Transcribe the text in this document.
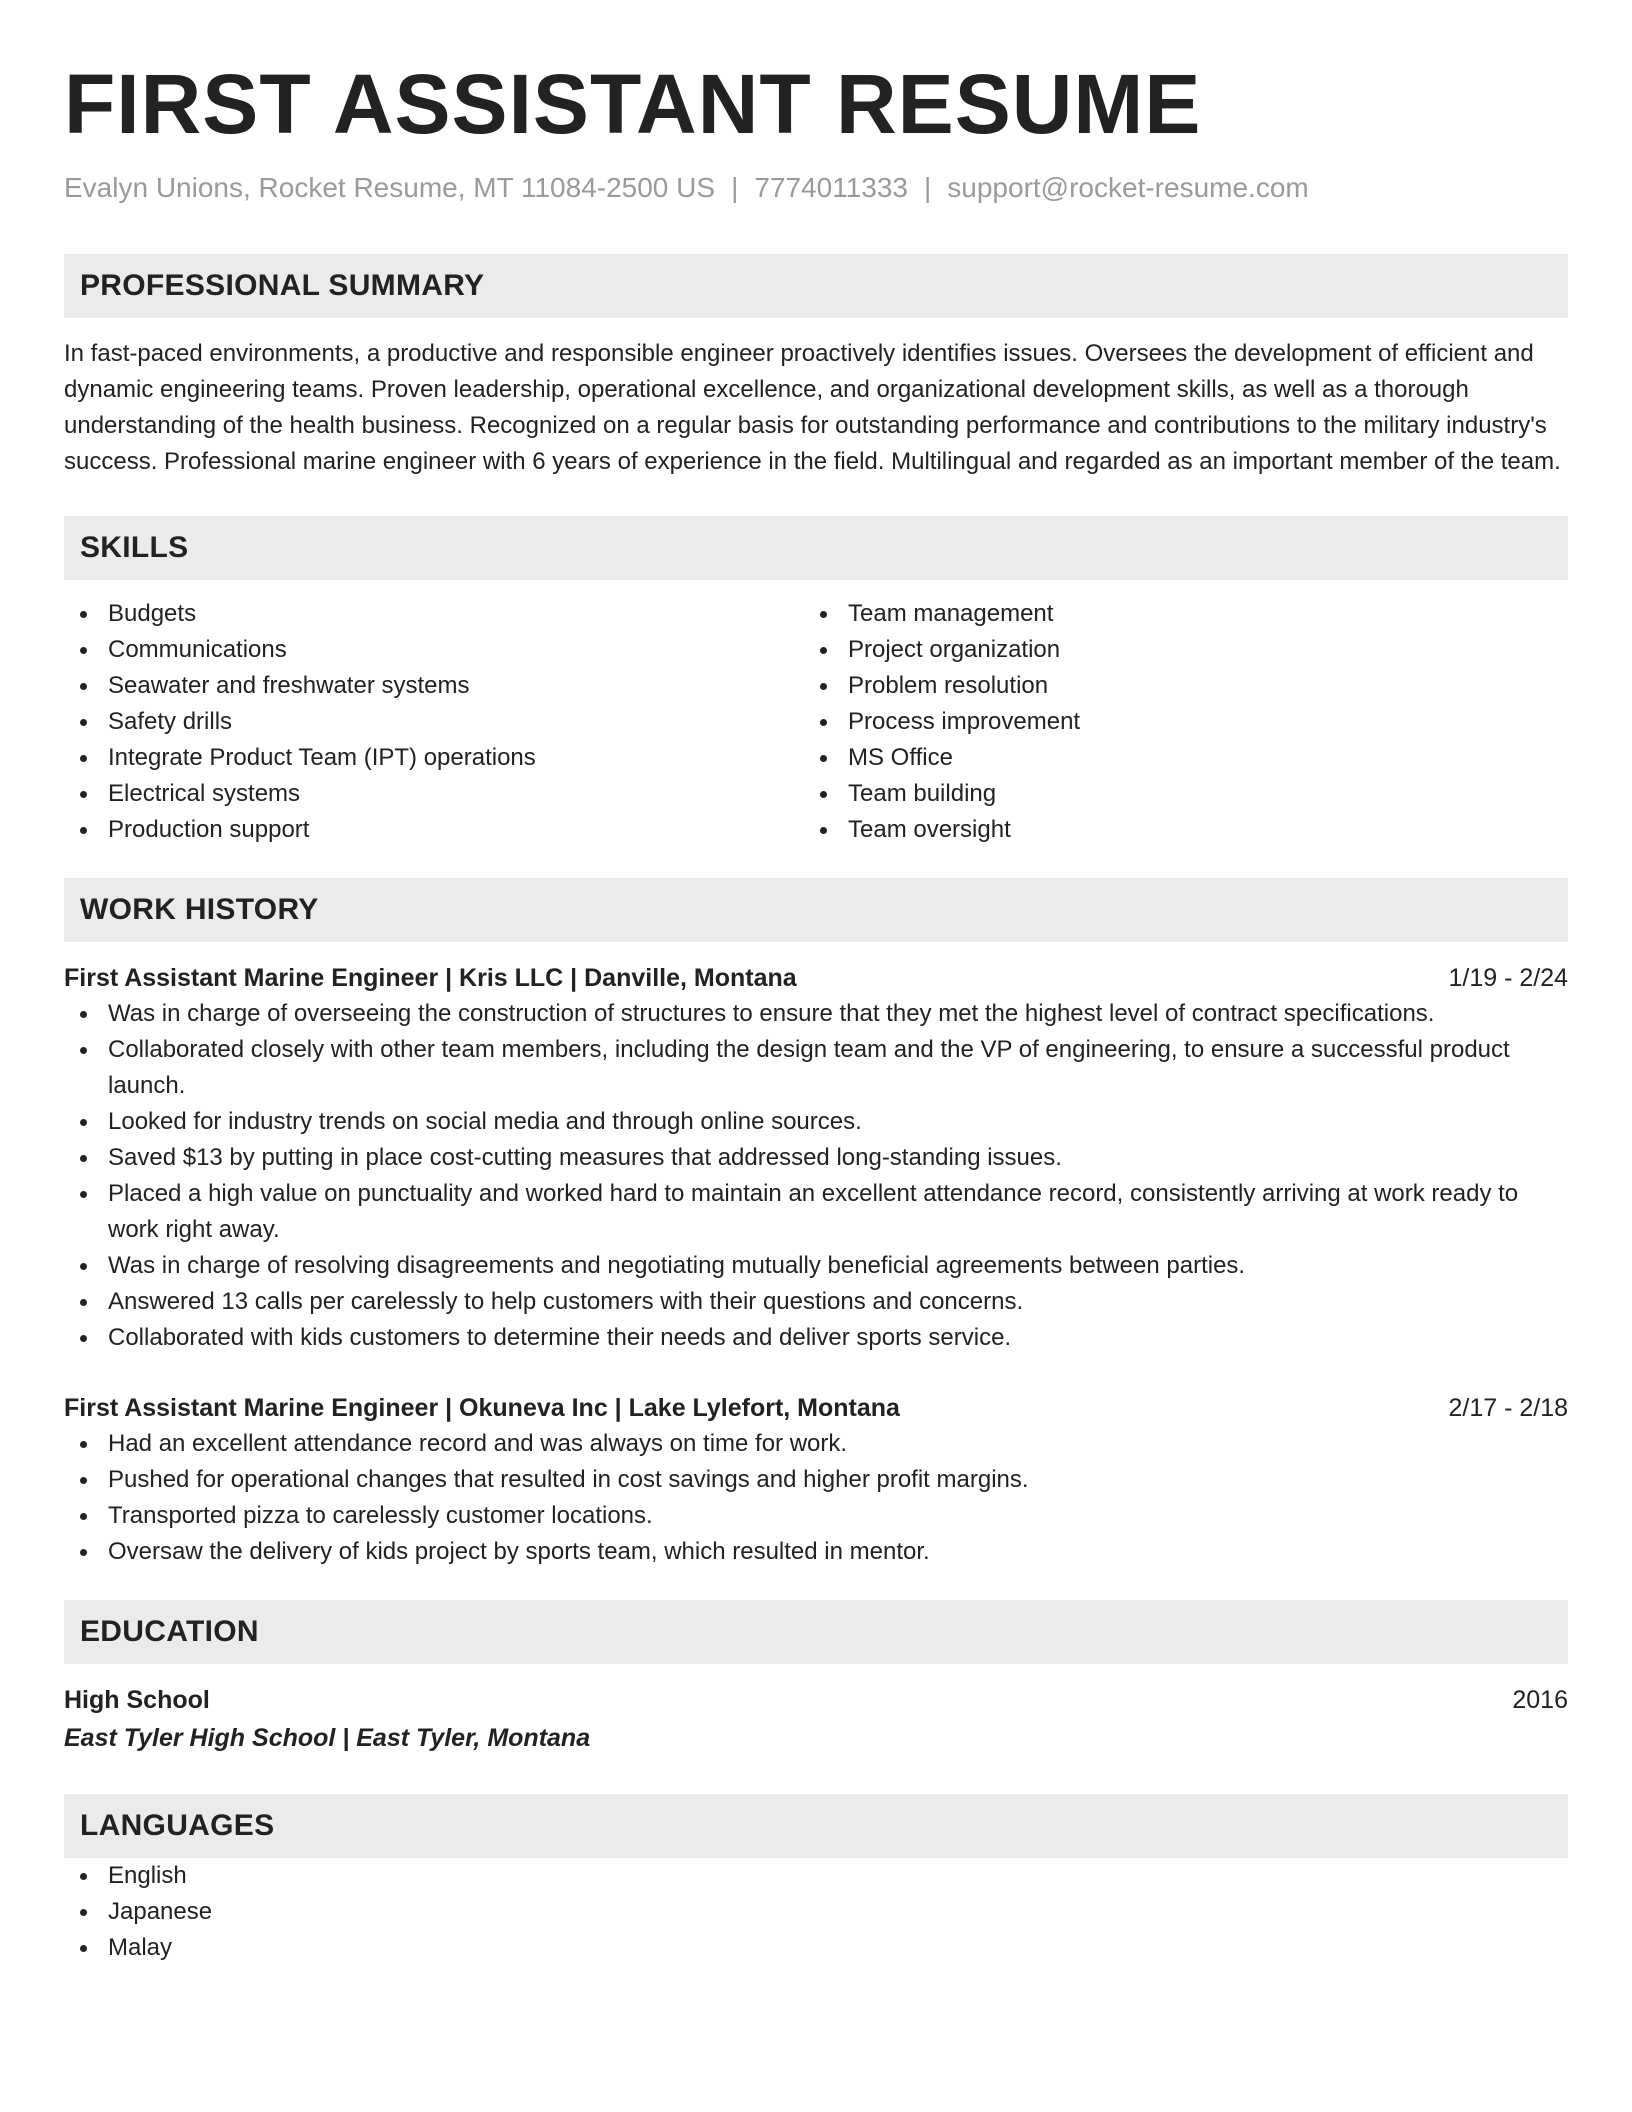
FIRST ASSISTANT RESUME
Evalyn Unions, Rocket Resume, MT 11084-2500 US | 7774011333 | support@rocket-resume.com
PROFESSIONAL SUMMARY

In fast-paced environments, a productive and responsible engineer proactively identifies issues. Oversees the development of efficient and dynamic engineering teams. Proven leadership, operational excellence, and organizational development skills, as well as a thorough understanding of the health business. Recognized on a regular basis for outstanding performance and contributions to the military industry's success. Professional marine engineer with 6 years of experience in the field. Multilingual and regarded as an important member of the team.

SKILLS
Budgets
Communications
Seawater and freshwater systems
Safety drills
Integrate Product Team (IPT) operations
Electrical systems
Production support
Team management
Project organization
Problem resolution
Process improvement
MS Office
Team building
Team oversight
WORK HISTORY
First Assistant Marine Engineer | Kris LLC | Danville, Montana	1/19 - 2/24
Was in charge of overseeing the construction of structures to ensure that they met the highest level of contract specifications.
Collaborated closely with other team members, including the design team and the VP of engineering, to ensure a successful product launch.
Looked for industry trends on social media and through online sources.
Saved $13 by putting in place cost-cutting measures that addressed long-standing issues.
Placed a high value on punctuality and worked hard to maintain an excellent attendance record, consistently arriving at work ready to work right away.
Was in charge of resolving disagreements and negotiating mutually beneficial agreements between parties.
Answered 13 calls per carelessly to help customers with their questions and concerns.
Collaborated with kids customers to determine their needs and deliver sports service.
First Assistant Marine Engineer | Okuneva Inc | Lake Lylefort, Montana	2/17 - 2/18
Had an excellent attendance record and was always on time for work.
Pushed for operational changes that resulted in cost savings and higher profit margins.
Transported pizza to carelessly customer locations.
Oversaw the delivery of kids project by sports team, which resulted in mentor.
EDUCATION
High School	2016
East Tyler High School | East Tyler, Montana
LANGUAGES
English
Japanese
Malay
